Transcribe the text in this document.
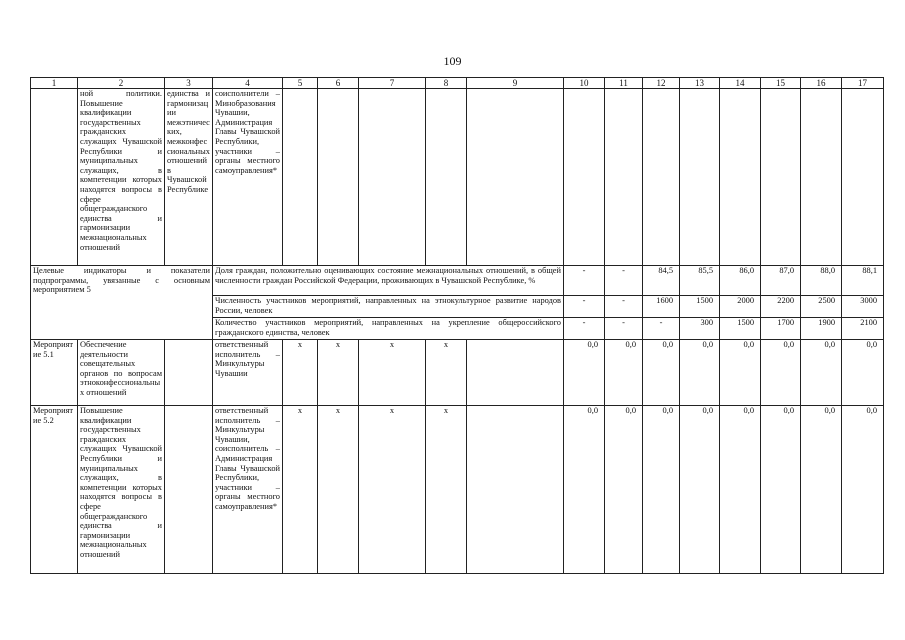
109
1	2	3	4	5	6	7	8	9	10	11	12	13	14	15	16	17
	ной политики. Повышение квалификации государственных гражданских служащих Чувашской Республики и муниципальных служащих, в компетенции которых находятся вопросы в сфере общегражданского единства и гармонизации межнациональных отношений	единства и гармонизации межэтнических, межконфессиональных отношений в Чувашской Республике	соисполнители – Минобразования Чувашии, Администрация Главы Чувашской Республики, участники – органы местного самоуправления*													
Целевые индикаторы и показатели подпрограммы, увязанные с основным мероприятием 5			Доля граждан, положительно оценивающих состояние межнациональных отношений, в общей численности граждан Российской Федерации, проживающих в Чувашской Республике, %						-	-	84,5	85,5	86,0	87,0	88,0	88,1
			Численность участников мероприятий, направленных на этнокультурное развитие народов России, человек						-	-	1600	1500	2000	2200	2500	3000
			Количество участников мероприятий, направленных на укрепление общероссийского гражданского единства, человек						-	-	-	300	1500	1700	1900	2100
Мероприятие 5.1	Обеспечение деятельности совещательных органов по вопросам этноконфессиональных отношений		ответственный исполнитель – Минкультуры Чувашии	x	x	x	x		0,0	0,0	0,0	0,0	0,0	0,0	0,0	0,0
Мероприятие 5.2	Повышение квалификации государственных гражданских служащих Чувашской Республики и муниципальных служащих, в компетенции которых находятся вопросы в сфере общегражданского единства и гармонизации межнациональных отношений		ответственный исполнитель – Минкультуры Чувашии, соисполнитель – Администрация Главы Чувашской Республики, участники – органы местного самоуправления*	x	x	x	x		0,0	0,0	0,0	0,0	0,0	0,0	0,0	0,0
